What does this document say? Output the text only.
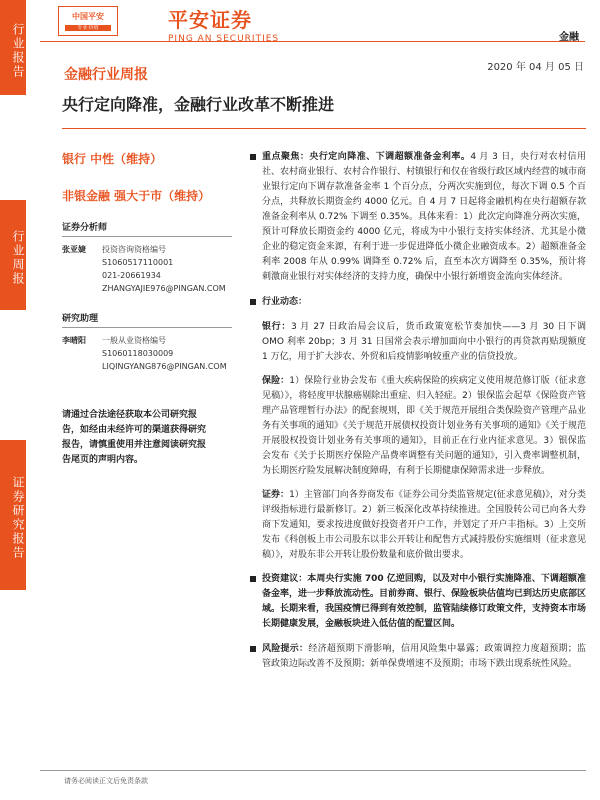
行业报告
行业周报
证券研究报告
中国平安
专业·价值	平安证券
PING AN SECURITIES	金融
2020 年 04 月 05 日
金融行业周报
央行定向降准，金融行业改革不断推进
银行 中性（维持）
非银金融 强大于市（维持）
证券分析师
张亚婕	投资咨询资格编号
S1060517110001
021-20661934
ZHANGYAJIE976@PINGAN.COM
研究助理
李晴阳	一般从业资格编号
S1060118030009
LIQINGYANG876@PINGAN.COM
请通过合法途径获取本公司研究报告，如经由未经许可的渠道获得研究报告，请慎重使用并注意阅读研究报告尾页的声明内容。
重点聚焦：央行定向降准、下调超额准备金利率。4 月 3 日，央行对农村信用社、农村商业银行、农村合作银行、村镇银行和仅在省级行政区域内经营的城市商业银行定向下调存款准备金率 1 个百分点，分两次实施到位，每次下调 0.5 个百分点，共释放长期资金约 4000 亿元。自 4 月 7 日起将金融机构在央行超额存款准备金利率从 0.72% 下调至 0.35%。具体来看：1）此次定向降准分两次实施，预计可释放长期资金约 4000 亿元，将成为中小银行支持实体经济、尤其是小微企业的稳定资金来源，有利于进一步促进降低小微企业融资成本。2）超额准备金利率 2008 年从 0.99% 调降至 0.72% 后，直至本次方调降至 0.35%，预计将刺激商业银行对实体经济的支持力度，确保中小银行新增资金流向实体经济。
行业动态：
银行：3 月 27 日政治局会议后，货币政策宽松节奏加快——3 月 30 日下调 OMO 利率 20bp；3 月 31 日国常会表示增加面向中小银行的再贷款再贴现额度 1 万亿，用于扩大涉农、外贸和后疫情影响较重产业的信贷投放。
保险：1）保险行业协会发布《重大疾病保险的疾病定义使用规范修订版（征求意见稿）》，将轻度甲状腺癌剔除出重症、归入轻症。2）银保监会起草《保险资产管理产品管理暂行办法》的配套规则，即《关于规范开展组合类保险资产管理产品业务有关事项的通知》《关于规范开展债权投资计划业务有关事项的通知》《关于规范开展股权投资计划业务有关事项的通知》，目前正在行业内征求意见。3）银保监会发布《关于长期医疗保险产品费率调整有关问题的通知》，引入费率调整机制，为长期医疗险发展解决制度障碍，有利于长期健康保障需求进一步释放。
证券：1）主管部门向各券商发布《证券公司分类监管规定(征求意见稿)》，对分类评级指标进行最新修订。2）新三板深化改革持续推进。全国股转公司已向各大券商下发通知，要求按进度做好投资者开户工作，并划定了开户丰指标。3）上交所发布《科创板上市公司股东以非公开转让和配售方式减持股份实施细则（征求意见稿）》，对股东非公开转让股份数量和底价做出要求。
投资建议：本周央行实施 700 亿逆回购，以及对中小银行实施降准、下调超额准备金率，进一步释放流动性。目前券商、银行、保险板块估值均已到达历史底部区域。长期来看，我国疫情已得到有效控制，监管陆续修订政策文件，支持资本市场长期健康发展，金融板块进入低估值的配置区间。
风险提示：经济超预期下滑影响，信用风险集中暴露；政策调控力度超预期；监管政策边际改善不及预期；新单保费增速不及预期；市场下跌出现系统性风险。
请务必阅读正文后免责条款
